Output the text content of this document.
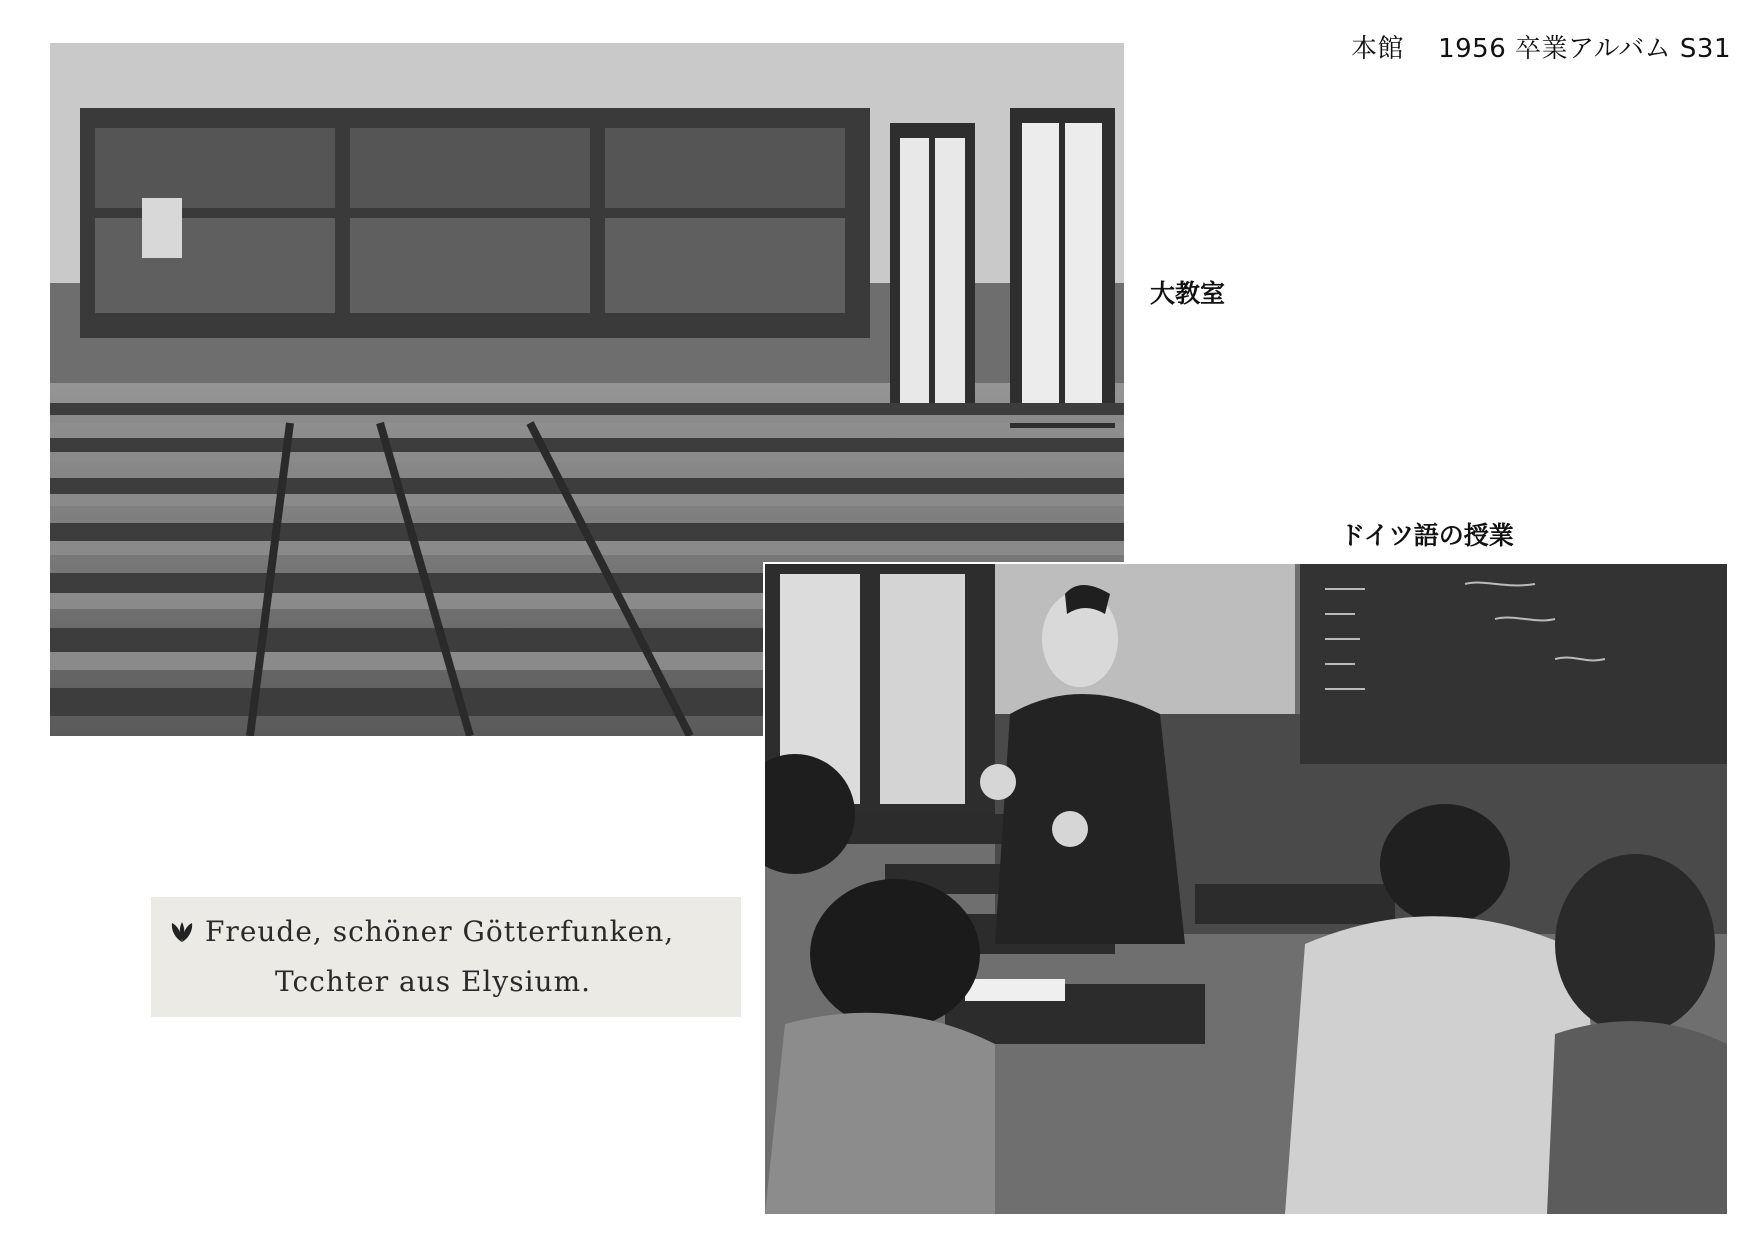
本館 1956 卒業アルバム S31
大教室
ドイツ語の授業
Freude, schöner Götterfunken,
Tcchter aus Elysium.
